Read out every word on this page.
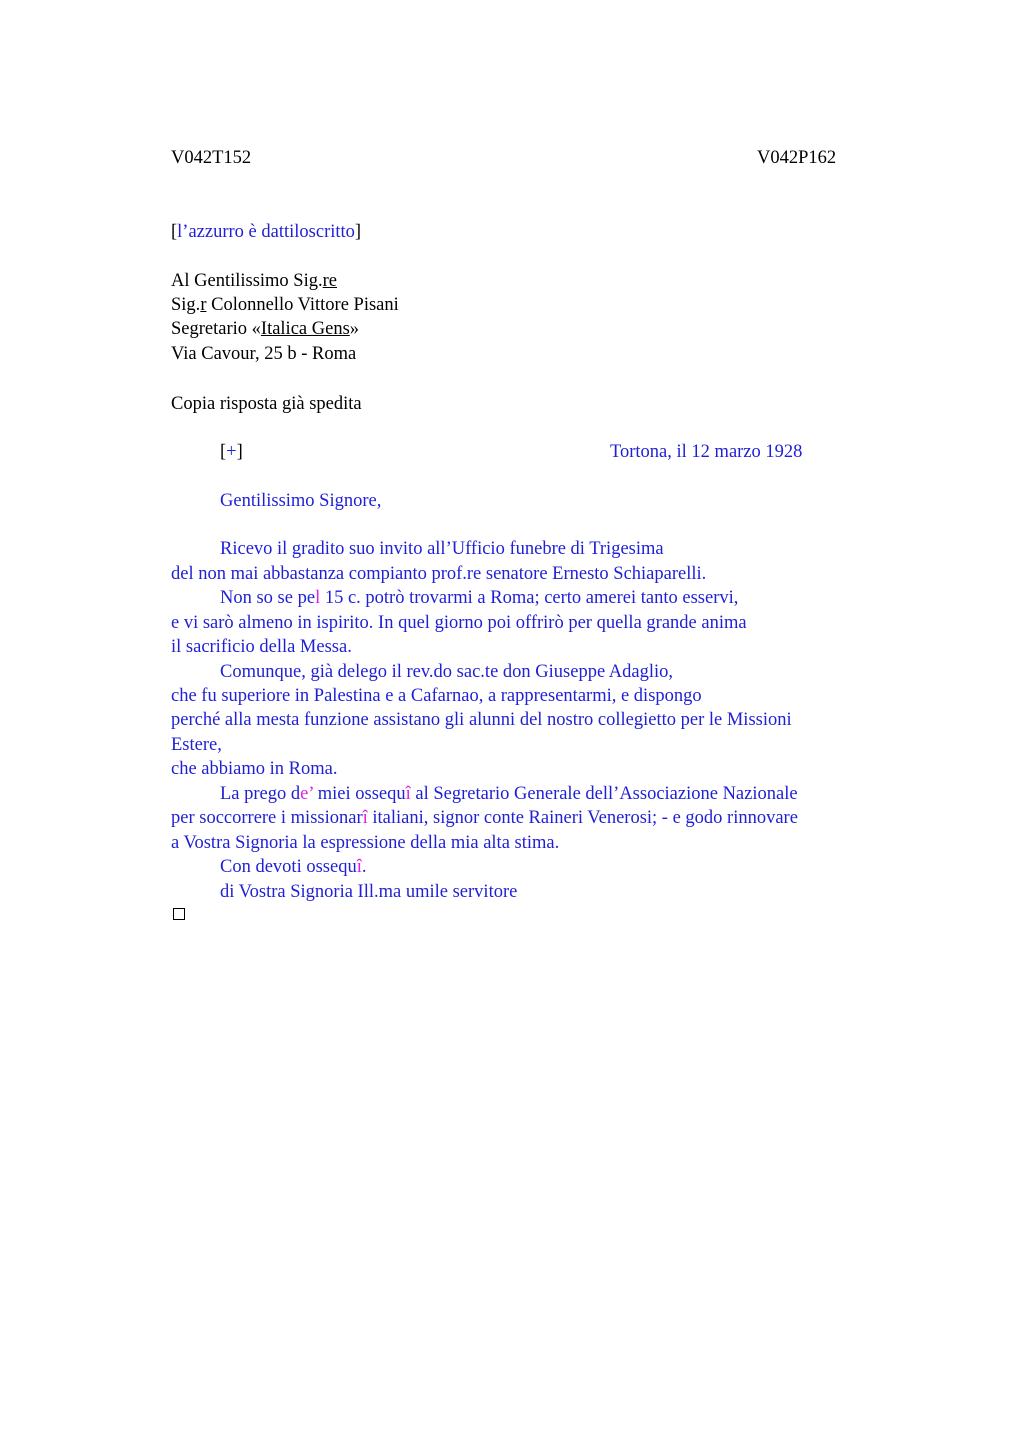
V042T152	V042P162
[l’azzurro è dattiloscritto]
Al Gentilissimo Sig.re
Sig.r Colonnello Vittore Pisani
Segretario «Italica Gens»
Via Cavour, 25 b - Roma
Copia risposta già spedita
[+]	Tortona, il 12 marzo 1928
Gentilissimo Signore,
Ricevo il gradito suo invito all’Ufficio funebre di Trigesima
del non mai abbastanza compianto prof.re senatore Ernesto Schiaparelli.
Non so se pel 15 c. potrò trovarmi a Roma; certo amerei tanto esservi,
e vi sarò almeno in ispirito. In quel giorno poi offrirò per quella grande anima
il sacrificio della Messa.
Comunque, già delego il rev.do sac.te don Giuseppe Adaglio,
che fu superiore in Palestina e a Cafarnao, a rappresentarmi, e dispongo
perché alla mesta funzione assistano gli alunni del nostro collegietto per le Missioni
Estere,
che abbiamo in Roma.
La prego de’ miei ossequî al Segretario Generale dell’Associazione Nazionale
per soccorrere i missionarî italiani, signor conte Raineri Venerosi; - e godo rinnovare
a Vostra Signoria la espressione della mia alta stima.
Con devoti ossequî.
di Vostra Signoria Ill.ma umile servitore
